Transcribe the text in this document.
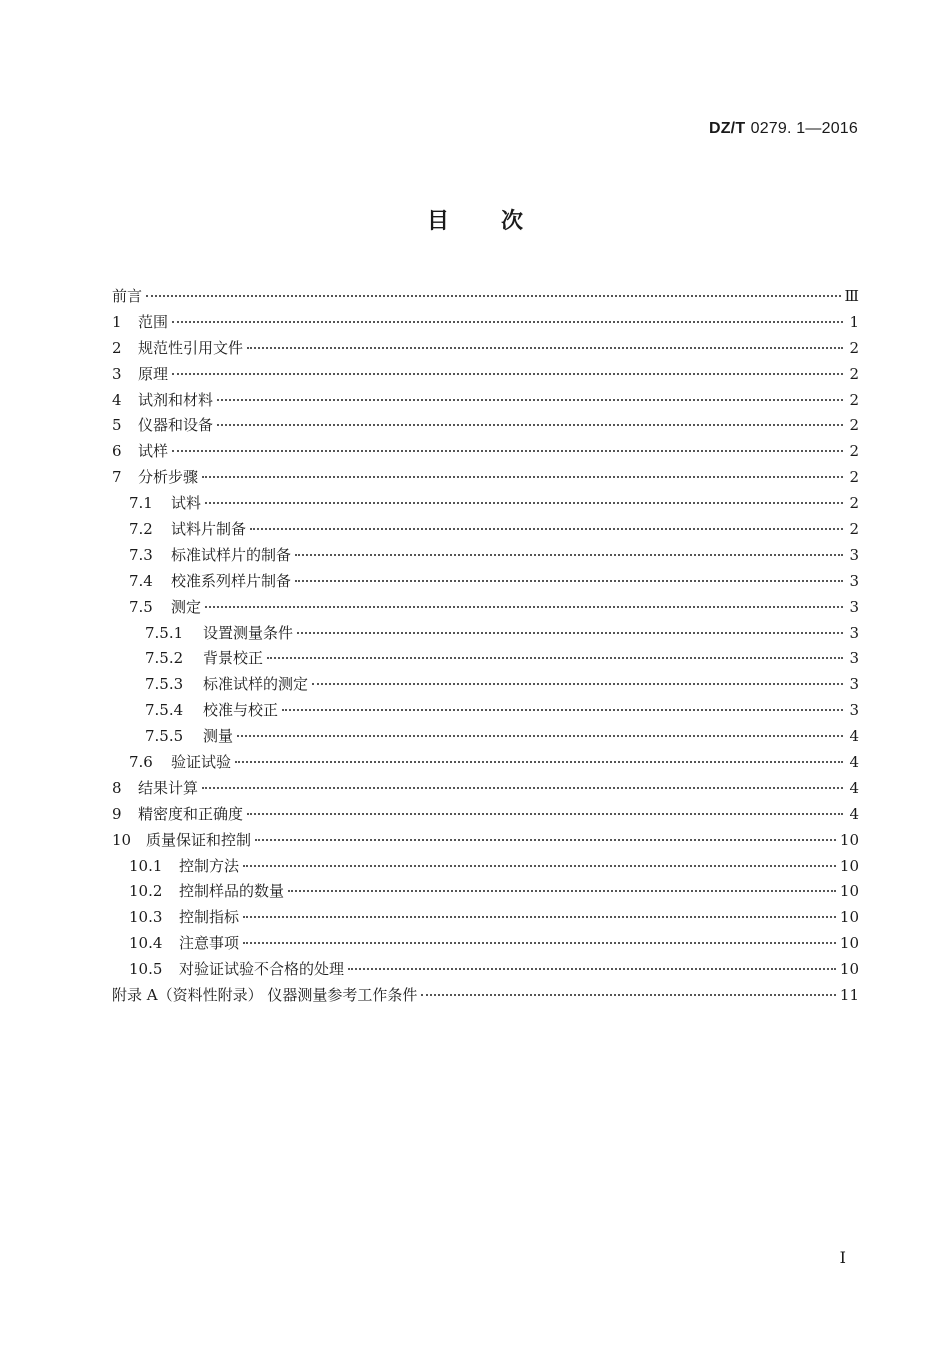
DZ/T 0279. 1—2016
目次
前言	Ⅲ
1	范围	1
2	规范性引用文件	2
3	原理	2
4	试剂和材料	2
5	仪器和设备	2
6	试样	2
7	分析步骤	2
7.1	试料	2
7.2	试料片制备	2
7.3	标准试样片的制备	3
7.4	校准系列样片制备	3
7.5	测定	3
7.5.1	设置测量条件	3
7.5.2	背景校正	3
7.5.3	标准试样的测定	3
7.5.4	校准与校正	3
7.5.5	测量	4
7.6	验证试验	4
8	结果计算	4
9	精密度和正确度	4
10 质量保证和控制	10
10.1	控制方法	10
10.2	控制样品的数量	10
10.3	控制指标	10
10.4	注意事项	10
10.5	对验证试验不合格的处理	10
附录 A（资料性附录） 仪器测量参考工作条件	11
I
